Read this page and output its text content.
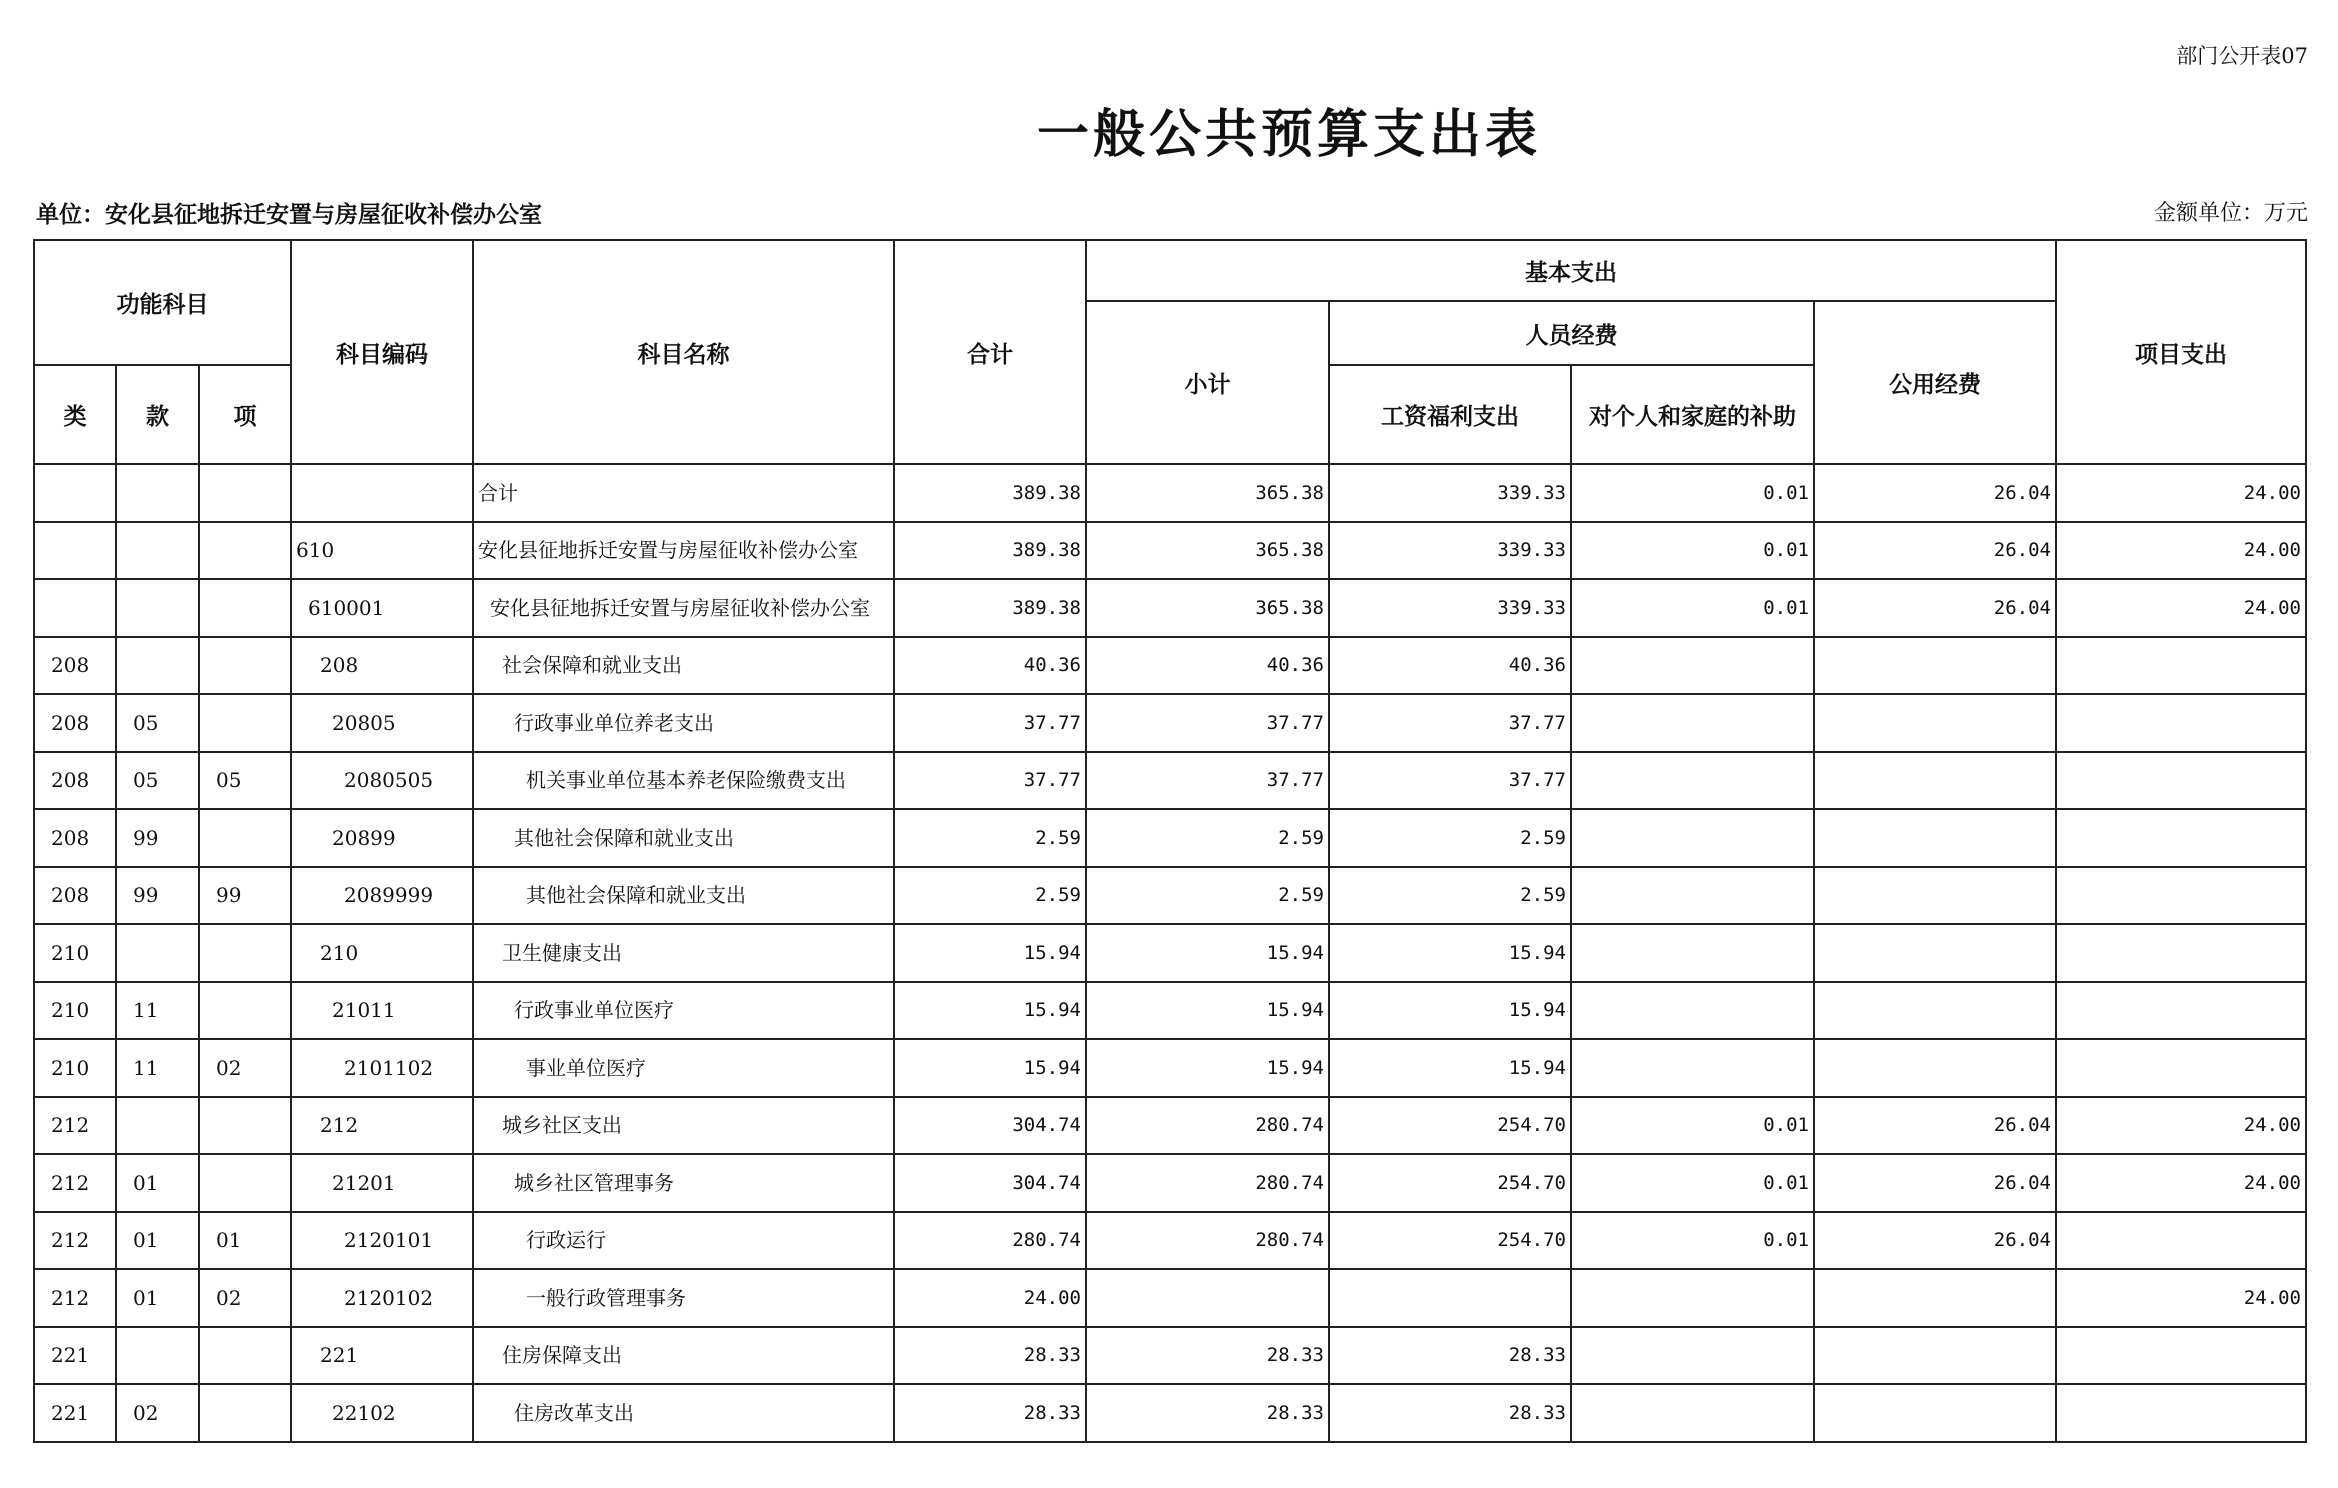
部门公开表07
一般公共预算支出表
单位：安化县征地拆迁安置与房屋征收补偿办公室	金额单位：万元
功能科目			科目编码	科目名称	合计	基本支出				项目支出
						小计	人员经费		公用经费	
类	款	项					工资福利支出	对个人和家庭的补助		
				合计	389.38	365.38	339.33	0.01	26.04	24.00
			610	安化县征地拆迁安置与房屋征收补偿办公室	389.38	365.38	339.33	0.01	26.04	24.00
			610001	安化县征地拆迁安置与房屋征收补偿办公室	389.38	365.38	339.33	0.01	26.04	24.00
208			208	社会保障和就业支出	40.36	40.36	40.36			
208	05		20805	行政事业单位养老支出	37.77	37.77	37.77			
208	05	05	2080505	机关事业单位基本养老保险缴费支出	37.77	37.77	37.77			
208	99		20899	其他社会保障和就业支出	2.59	2.59	2.59			
208	99	99	2089999	其他社会保障和就业支出	2.59	2.59	2.59			
210			210	卫生健康支出	15.94	15.94	15.94			
210	11		21011	行政事业单位医疗	15.94	15.94	15.94			
210	11	02	2101102	事业单位医疗	15.94	15.94	15.94			
212			212	城乡社区支出	304.74	280.74	254.70	0.01	26.04	24.00
212	01		21201	城乡社区管理事务	304.74	280.74	254.70	0.01	26.04	24.00
212	01	01	2120101	行政运行	280.74	280.74	254.70	0.01	26.04	
212	01	02	2120102	一般行政管理事务	24.00					24.00
221			221	住房保障支出	28.33	28.33	28.33			
221	02		22102	住房改革支出	28.33	28.33	28.33			
